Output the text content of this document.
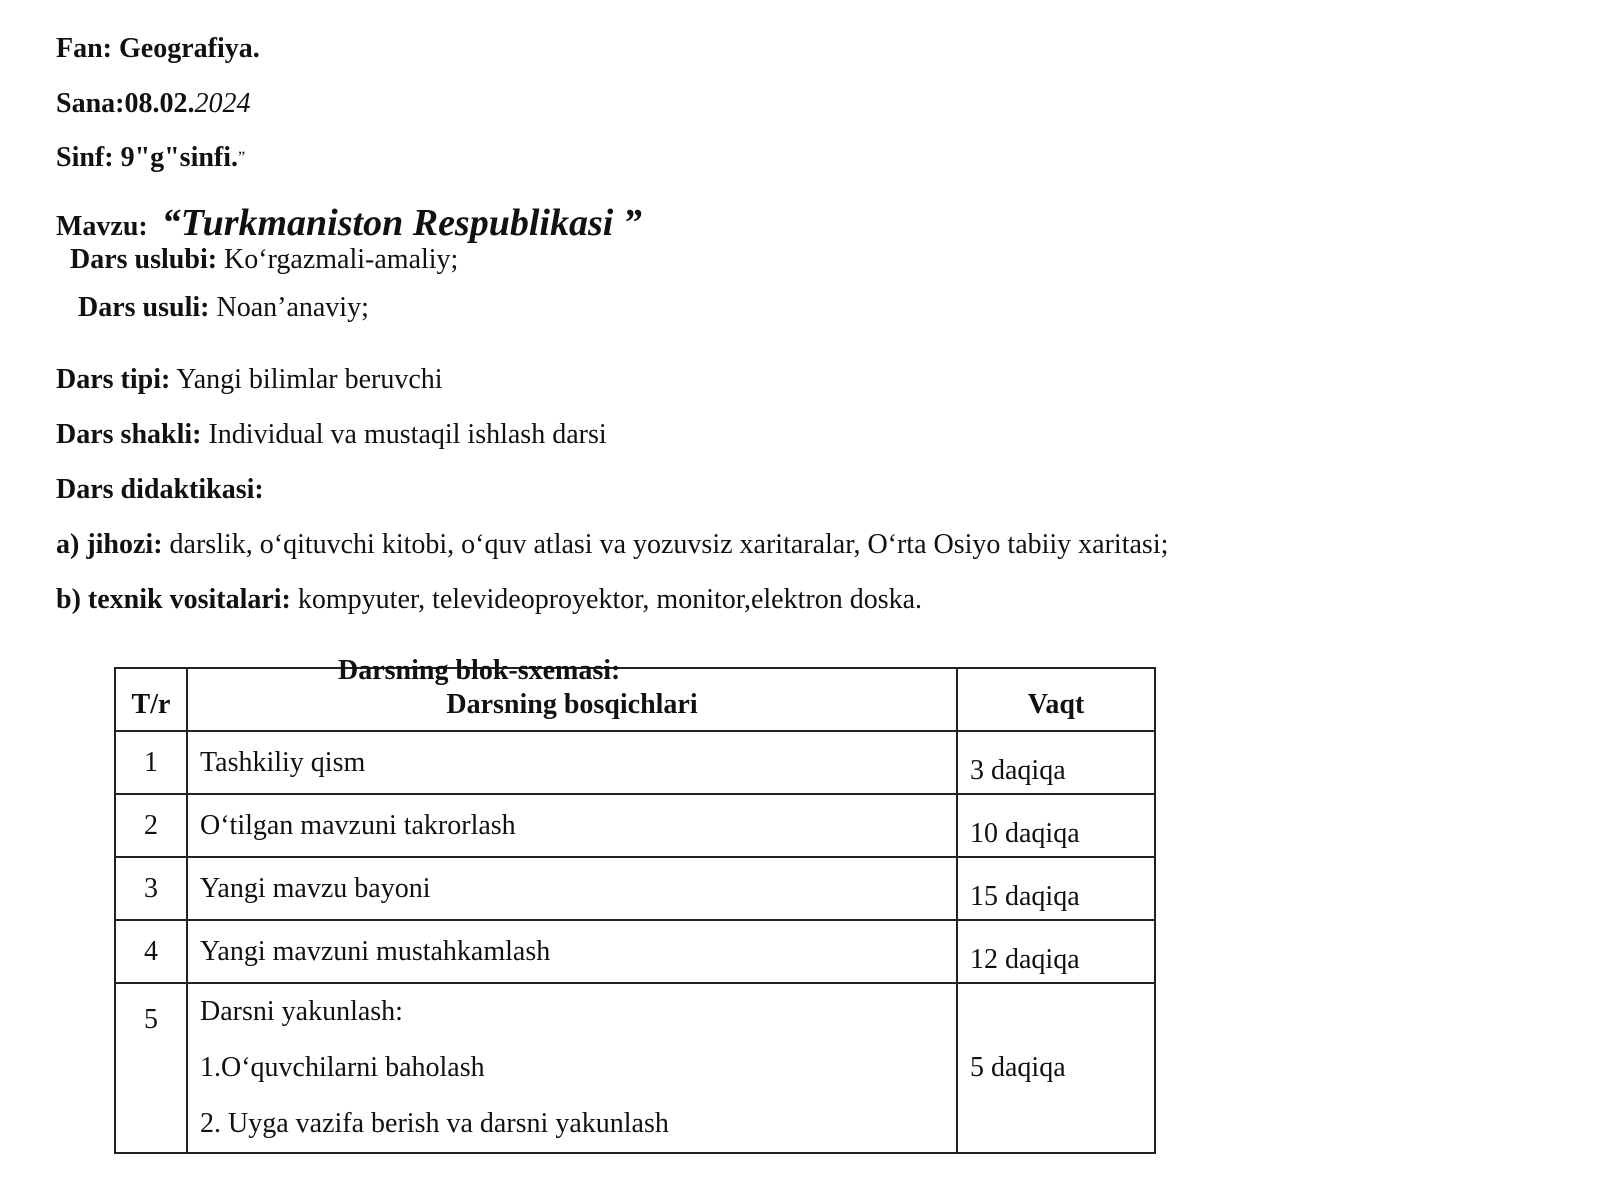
Fan: Geografiya.
Sana:08.02.2024
Sinf: 9"g"sinfi.”
Mavzu: “Turkmaniston Respublikasi ”
Dars uslubi: Ko‘rgazmali-amaliy;
Dars usuli: Noan’anaviy;
Dars tipi: Yangi bilimlar beruvchi
Dars shakli: Individual va mustaqil ishlash darsi
Dars didaktikasi:
a) jihozi: darslik, o‘qituvchi kitobi, o‘quv atlasi va yozuvsiz xaritaralar, O‘rta Osiyo tabiiy xaritasi;
b) texnik vositalari: kompyuter, televideoproyektor, monitor,elektron doska.
Darsning blok-sxemasi:
T/r	Darsning bosqichlari	Vaqt
1	Tashkiliy qism	3 daqiqa
2	O‘tilgan mavzuni takrorlash	10 daqiqa
3	Yangi mavzu bayoni	15 daqiqa
4	Yangi mavzuni mustahkamlash	12 daqiqa
5	Darsni yakunlash:

1.O‘quvchilarni baholash

2. Uyga vazifa berish va darsni yakunlash	5 daqiqa
